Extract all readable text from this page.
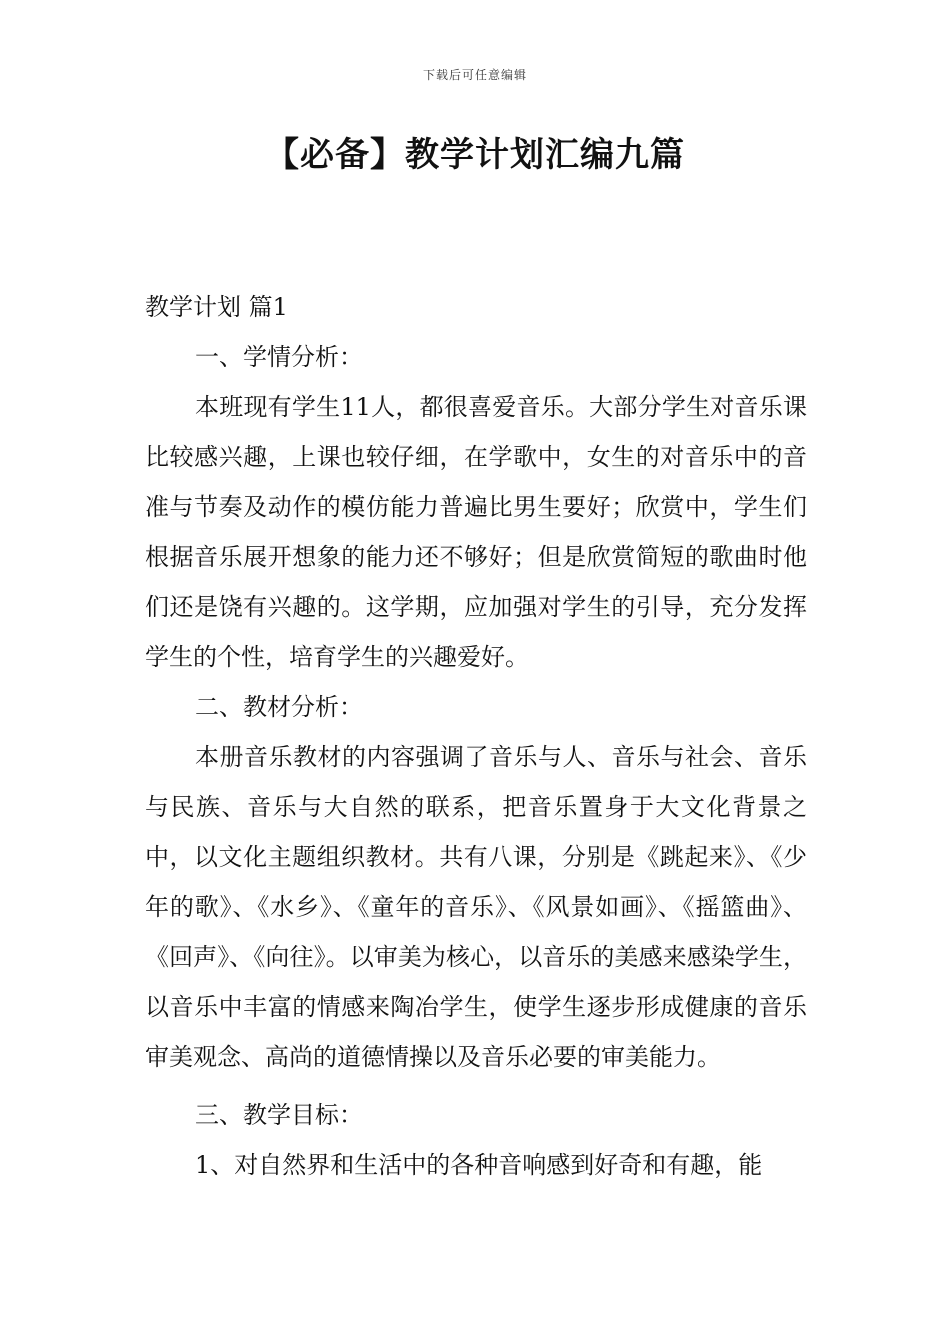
下载后可任意编辑
【必备】教学计划汇编九篇

教学计划 篇1

一、学情分析：

本班现有学生11人，都很喜爱音乐。大部分学生对音乐课比较感兴趣，上课也较仔细，在学歌中，女生的对音乐中的音准与节奏及动作的模仿能力普遍比男生要好；欣赏中，学生们根据音乐展开想象的能力还不够好；但是欣赏简短的歌曲时他们还是饶有兴趣的。这学期，应加强对学生的引导，充分发挥学生的个性，培育学生的兴趣爱好。

二、教材分析：

本册音乐教材的内容强调了音乐与人、音乐与社会、音乐与民族、音乐与大自然的联系，把音乐置身于大文化背景之中，以文化主题组织教材。共有八课，分别是《跳起来》、《少年的歌》、《水乡》、《童年的音乐》、《风景如画》、《摇篮曲》、《回声》、《向往》。以审美为核心，以音乐的美感来感染学生，以音乐中丰富的情感来陶冶学生，使学生逐步形成健康的音乐审美观念、高尚的道德情操以及音乐必要的审美能力。

三、教学目标：

1、对自然界和生活中的各种音响感到好奇和有趣，能
